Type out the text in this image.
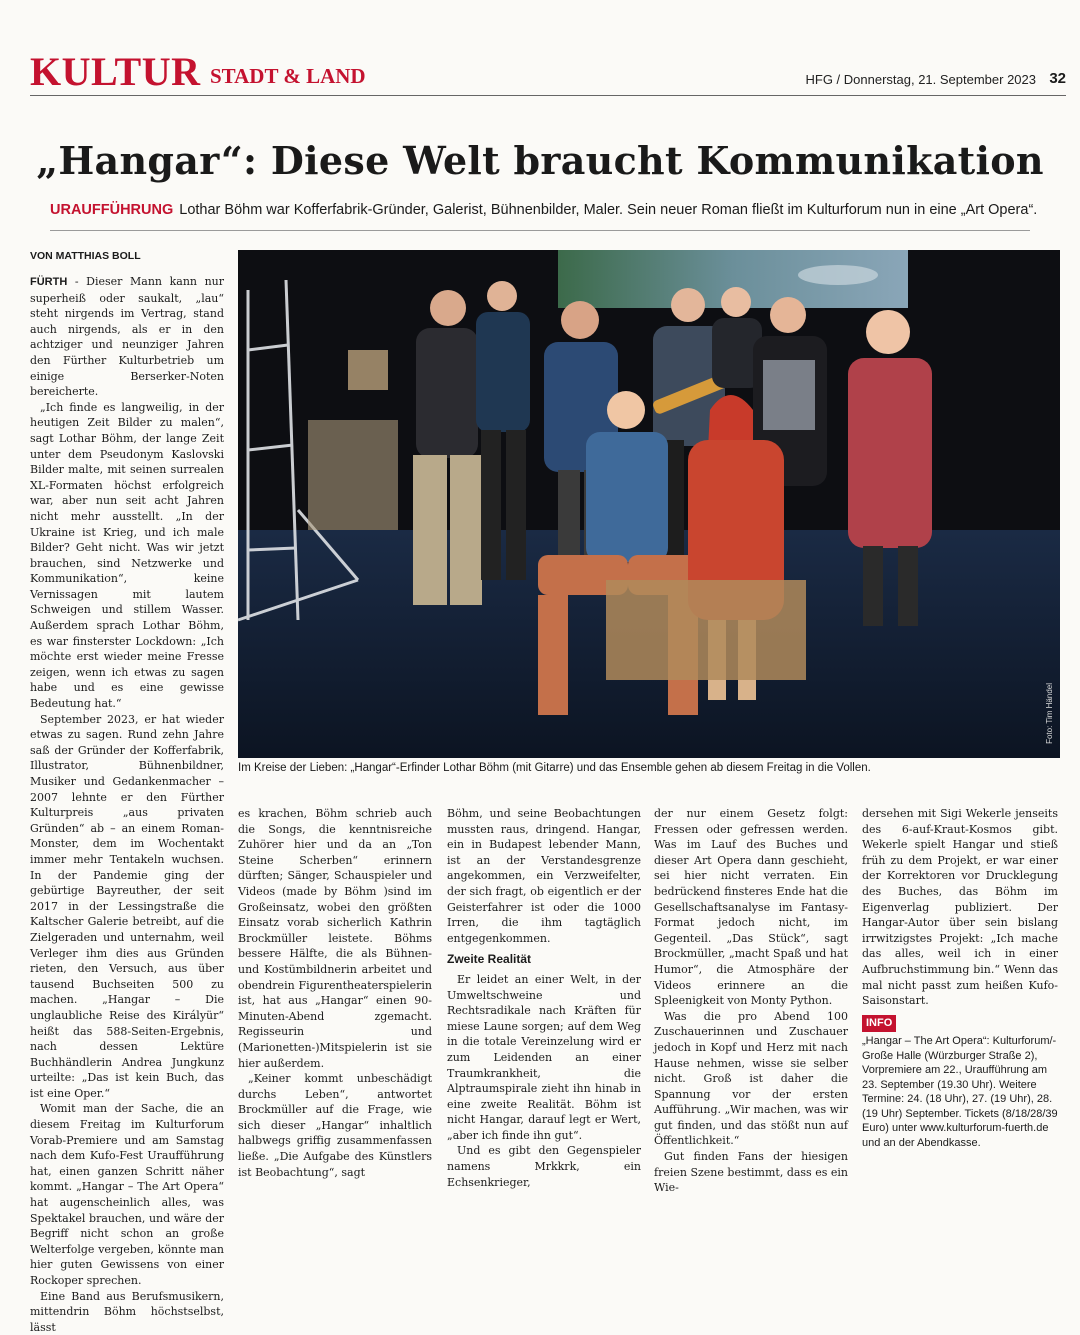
KULTUR STADT & LAND	HFG / Donnerstag, 21. September 2023 32
„Hangar“: Diese Welt braucht Kommunikation
URAUFFÜHRUNG Lothar Böhm war Kofferfabrik-Gründer, Galerist, Bühnenbilder, Maler. Sein neuer Roman fließt im Kulturforum nun in eine „Art Opera“.
VON MATTHIAS BOLL

FÜRTH - Dieser Mann kann nur superheiß oder saukalt, „lau“ steht nirgends im Vertrag, stand auch nirgends, als er in den achtziger und neunziger Jahren den Fürther Kulturbetrieb um einige Berserker-Noten bereicherte.

„Ich finde es langweilig, in der heutigen Zeit Bilder zu malen“, sagt Lothar Böhm, der lange Zeit unter dem Pseudonym Kaslovski Bilder malte, mit seinen surrealen XL-Formaten höchst erfolgreich war, aber nun seit acht Jahren nicht mehr ausstellt. „In der Ukraine ist Krieg, und ich male Bilder? Geht nicht. Was wir jetzt brauchen, sind Netzwerke und Kommunikation“, keine Vernissagen mit lautem Schweigen und stillem Wasser. Außerdem sprach Lothar Böhm, es war finsterster Lockdown: „Ich möchte erst wieder meine Fresse zeigen, wenn ich etwas zu sagen habe und es eine gewisse Bedeutung hat.“

September 2023, er hat wieder etwas zu sagen. Rund zehn Jahre saß der Gründer der Kofferfabrik, Illustrator, Bühnenbildner, Musiker und Gedankenmacher – 2007 lehnte er den Fürther Kulturpreis „aus privaten Gründen“ ab – an einem Roman-Monster, dem im Wochentakt immer mehr Tentakeln wuchsen. In der Pandemie ging der gebürtige Bayreuther, der seit 2017 in der Lessingstraße die Kaltscher Galerie betreibt, auf die Zielgeraden und unternahm, weil Verleger ihm dies aus Gründen rieten, den Versuch, aus über tausend Buchseiten 500 zu machen. „Hangar – Die unglaubliche Reise des Királyür“ heißt das 588-Seiten-Ergebnis, nach dessen Lektüre Buchhändlerin Andrea Jungkunz urteilte: „Das ist kein Buch, das ist eine Oper.“

Womit man der Sache, die an diesem Freitag im Kulturforum Vorab-Premiere und am Samstag nach dem Kufo-Fest Uraufführung hat, einen ganzen Schritt näher kommt. „Hangar – The Art Opera“ hat augenscheinlich alles, was Spektakel brauchen, und wäre der Begriff nicht schon an große Welterfolge vergeben, könnte man hier guten Gewissens von einer Rockoper sprechen.

Eine Band aus Berufsmusikern, mittendrin Böhm höchstselbst, lässt

Foto: Tim Händel
Im Kreise der Lieben: „Hangar“-Erfinder Lothar Böhm (mit Gitarre) und das Ensemble gehen ab diesem Freitag in die Vollen.

es krachen, Böhm schrieb auch die Songs, die kenntnisreiche Zuhörer hier und da an „Ton Steine Scherben“ erinnern dürften; Sänger, Schauspieler und Videos (made by Böhm )sind im Großeinsatz, wobei den größten Einsatz vorab sicherlich Kathrin Brockmüller leistete. Böhms bessere Hälfte, die als Bühnen- und Kostümbildnerin arbeitet und obendrein Figurentheaterspielerin ist, hat aus „Hangar“ einen 90-Minuten-Abend zgemacht. Regisseurin und (Marionetten-)Mitspielerin ist sie hier außerdem.

„Keiner kommt unbeschädigt durchs Leben“, antwortet Brockmüller auf die Frage, wie sich dieser „Hangar“ inhaltlich halbwegs griffig zusammenfassen ließe. „Die Aufgabe des Künstlers ist Beobachtung“, sagt

Böhm, und seine Beobachtungen mussten raus, dringend. Hangar, ein in Budapest lebender Mann, ist an der Verstandesgrenze angekommen, ein Verzweifelter, der sich fragt, ob eigentlich er der Geisterfahrer ist oder die 1000 Irren, die ihm tagtäglich entgegenkommen.

Zweite Realität

Er leidet an einer Welt, in der Umweltschweine und Rechtsradikale nach Kräften für miese Laune sorgen; auf dem Weg in die totale Vereinzelung wird er zum Leidenden an einer Traumkrankheit, die Alptraumspirale zieht ihn hinab in eine zweite Realität. Böhm ist nicht Hangar, darauf legt er Wert, „aber ich finde ihn gut“.

Und es gibt den Gegenspieler namens Mrkkrk, ein Echsenkrieger,

der nur einem Gesetz folgt: Fressen oder gefressen werden. Was im Lauf des Buches und dieser Art Opera dann geschieht, sei hier nicht verraten. Ein bedrückend finsteres Ende hat die Gesellschaftsanalyse im Fantasy-Format jedoch nicht, im Gegenteil. „Das Stück“, sagt Brockmüller, „macht Spaß und hat Humor“, die Atmosphäre der Videos erinnere an die Spleenigkeit von Monty Python.

Was die pro Abend 100 Zuschauerinnen und Zuschauer jedoch in Kopf und Herz mit nach Hause nehmen, wisse sie selber nicht. Groß ist daher die Spannung vor der ersten Aufführung. „Wir machen, was wir gut finden, und das stößt nun auf Öffentlichkeit.“

Gut finden Fans der hiesigen freien Szene bestimmt, dass es ein Wie-

dersehen mit Sigi Wekerle jenseits des 6-auf-Kraut-Kosmos gibt. Wekerle spielt Hangar und stieß früh zu dem Projekt, er war einer der Korrektoren vor Drucklegung des Buches, das Böhm im Eigenverlag publiziert. Der Hangar-Autor über sein bislang irrwitzigstes Projekt: „Ich mache das alles, weil ich in einer Aufbruchstimmung bin.“ Wenn das mal nicht passt zum heißen Kufo-Saisonstart.

INFO
„Hangar – The Art Opera“: Kulturforum/-Große Halle (Würzburger Straße 2), Vorpremiere am 22., Uraufführung am 23. September (19.30 Uhr). Weitere Termine: 24. (18 Uhr), 27. (19 Uhr), 28. (19 Uhr) September. Tickets (8/18/28/39 Euro) unter www.kulturforum-fuerth.de und an der Abendkasse.
